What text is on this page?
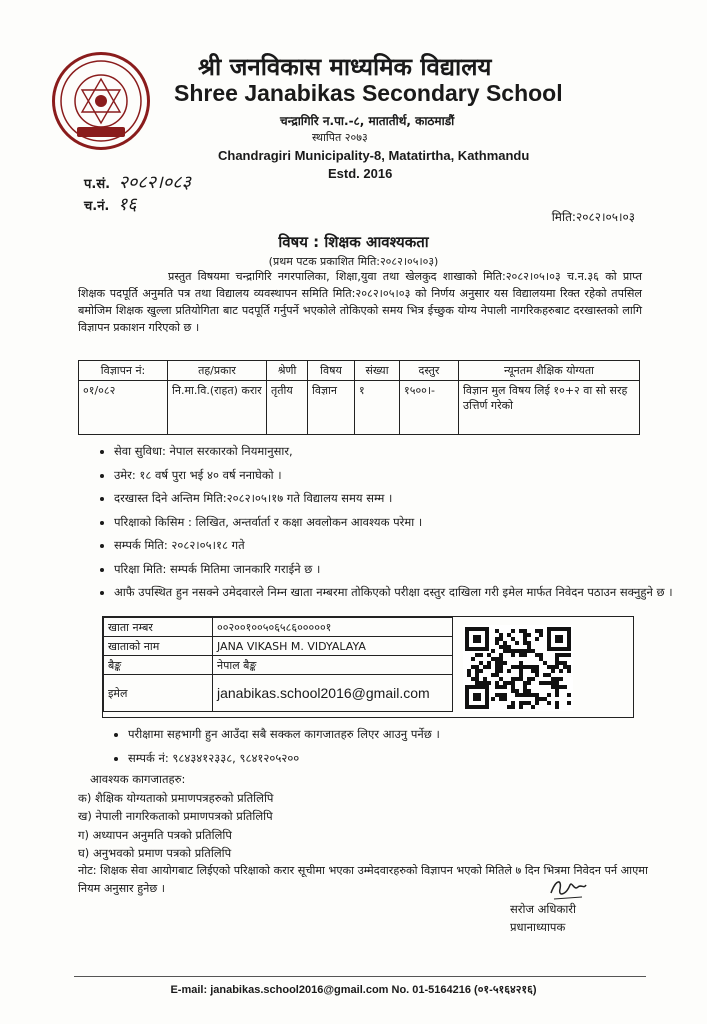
श्री जनविकास माध्यमिक विद्यालय
Shree Janabikas Secondary School
चन्द्रागिरि न.पा.-८, मातातीर्थ, काठमाडौं
स्थापित २०७३
Chandragiri Municipality-8, Matatirtha, Kathmandu
Estd. 2016
प.सं. २०८२।०८३
च.नं. १६
मिति:२०८२।०५।०३
विषय : शिक्षक आवश्यकता
(प्रथम पटक प्रकाशित मिति:२०८२।०५।०३)
प्रस्तुत विषयमा चन्द्रागिरि नगरपालिका, शिक्षा,युवा तथा खेलकुद शाखाको मिति:२०८२।०५।०३ च.न.३६ को प्राप्त शिक्षक पदपूर्ति अनुमति पत्र तथा विद्यालय व्यवस्थापन समिति मिति:२०८२।०५।०३ को निर्णय अनुसार यस विद्यालयमा रिक्त रहेको तपसिल बमोजिम शिक्षक खुल्ला प्रतियोगिता बाट पदपूर्ति गर्नुपर्ने भएकोले तोकिएको समय भित्र ईच्छुक योग्य नेपाली नागरिकहरुबाट दरखास्तको लागि विज्ञापन प्रकाशन गरिएको छ ।
विज्ञापन नं:	तह/प्रकार	श्रेणी	विषय	संख्या	दस्तुर	न्यूनतम शैक्षिक योग्यता
०१/०८२	नि.मा.वि.(राहत) करार	तृतीय	विज्ञान	१	१५००।-	विज्ञान मुल विषय लिई १०+२ वा सो सरह उत्तिर्ण गरेको
• सेवा सुविधा: नेपाल सरकारको नियमानुसार,
• उमेर: १८ वर्ष पुरा भई ४० वर्ष ननाघेको ।
• दरखास्त दिने अन्तिम मिति:२०८२।०५।१७ गते विद्यालय समय सम्म ।
• परिक्षाको किसिम : लिखित, अन्तर्वार्ता र कक्षा अवलोकन आवश्यक परेमा ।
• सम्पर्क मिति: २०८२।०५।१८ गते
• परिक्षा मिति: सम्पर्क मितिमा जानकारि गराईने छ ।
• आफै उपस्थित हुन नसक्ने उमेदवारले निम्न खाता नम्बरमा तोकिएको परीक्षा दस्तुर दाखिला गरी इमेल मार्फत निवेदन पठाउन सक्नुहुने छ ।
खाता नम्बर	००२००१००५०६५८६०००००१
खाताको नाम	JANA VIKASH M. VIDYALAYA
बैङ्क	नेपाल बैङ्क
इमेल	janabikas.school2016@gmail.com
• परीक्षामा सहभागी हुन आउँदा सबै सक्कल कागजातहरु लिएर आउनु पर्नेछ ।
• सम्पर्क नं: ९८४३४१२३३८, ९८४१२०५२००
आवश्यक कागजातहरु:
क) शैक्षिक योग्यताको प्रमाणपत्रहरुको प्रतिलिपि
ख) नेपाली नागरिकताको प्रमाणपत्रको प्रतिलिपि
ग) अध्यापन अनुमति पत्रको प्रतिलिपि
घ) अनुभवको प्रमाण पत्रको प्रतिलिपि
नोट: शिक्षक सेवा आयोगबाट लिईएको परिक्षाको करार सूचीमा भएका उम्मेदवारहरुको विज्ञापन भएको मितिले ७ दिन भित्रमा निवेदन पर्न आएमा नियम अनुसार हुनेछ ।
सरोज अधिकारी
प्रधानाध्यापक
E-mail: janabikas.school2016@gmail.com No. 01-5164216 (०१-५१६४२१६)
